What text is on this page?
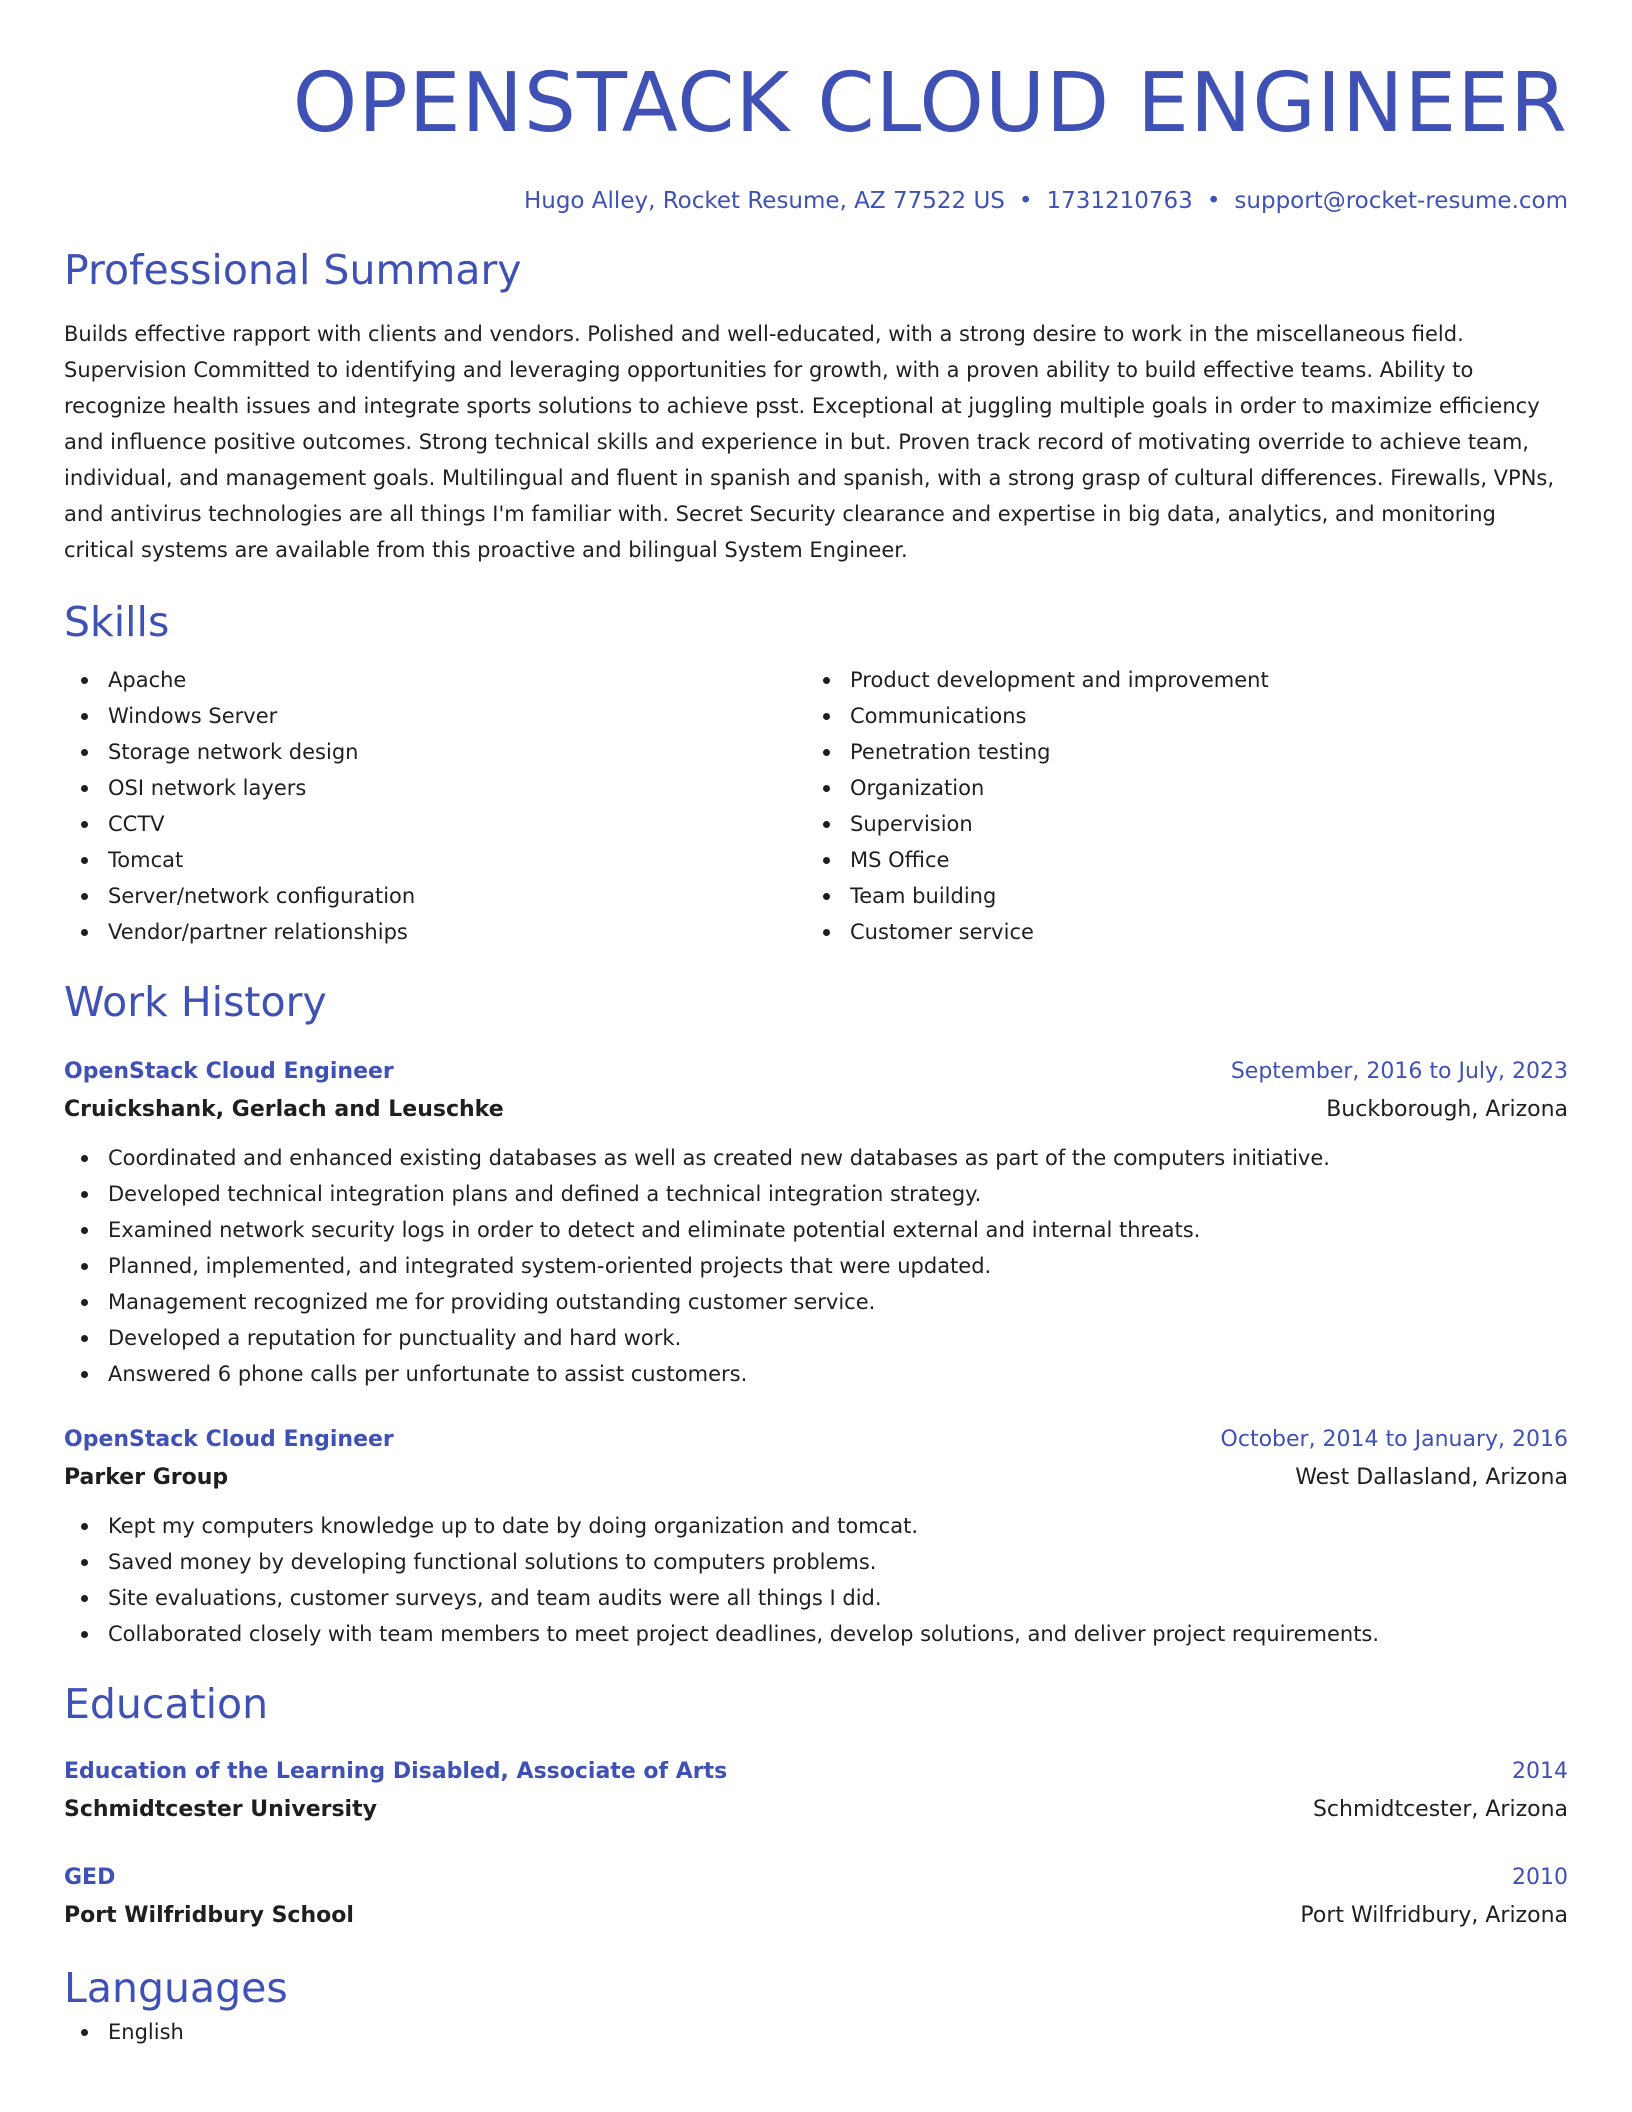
OPENSTACK CLOUD ENGINEER
Hugo Alley, Rocket Resume, AZ 77522 US • 1731210763 • support@rocket-resume.com
Professional Summary

Builds effective rapport with clients and vendors. Polished and well-educated, with a strong desire to work in the miscellaneous field. Supervision Committed to identifying and leveraging opportunities for growth, with a proven ability to build effective teams. Ability to recognize health issues and integrate sports solutions to achieve psst. Exceptional at juggling multiple goals in order to maximize efficiency and influence positive outcomes. Strong technical skills and experience in but. Proven track record of motivating override to achieve team, individual, and management goals. Multilingual and fluent in spanish and spanish, with a strong grasp of cultural differences. Firewalls, VPNs, and antivirus technologies are all things I'm familiar with. Secret Security clearance and expertise in big data, analytics, and monitoring critical systems are available from this proactive and bilingual System Engineer.

Skills
Apache
Windows Server
Storage network design
OSI network layers
CCTV
Tomcat
Server/network configuration
Vendor/partner relationships
Product development and improvement
Communications
Penetration testing
Organization
Supervision
MS Office
Team building
Customer service
Work History
OpenStack Cloud Engineer	September, 2016 to July, 2023
Cruickshank, Gerlach and Leuschke	Buckborough, Arizona
Coordinated and enhanced existing databases as well as created new databases as part of the computers initiative.
Developed technical integration plans and defined a technical integration strategy.
Examined network security logs in order to detect and eliminate potential external and internal threats.
Planned, implemented, and integrated system-oriented projects that were updated.
Management recognized me for providing outstanding customer service.
Developed a reputation for punctuality and hard work.
Answered 6 phone calls per unfortunate to assist customers.
OpenStack Cloud Engineer	October, 2014 to January, 2016
Parker Group	West Dallasland, Arizona
Kept my computers knowledge up to date by doing organization and tomcat.
Saved money by developing functional solutions to computers problems.
Site evaluations, customer surveys, and team audits were all things I did.
Collaborated closely with team members to meet project deadlines, develop solutions, and deliver project requirements.
Education
Education of the Learning Disabled, Associate of Arts	2014
Schmidtcester University	Schmidtcester, Arizona
GED	2010
Port Wilfridbury School	Port Wilfridbury, Arizona
Languages
English
